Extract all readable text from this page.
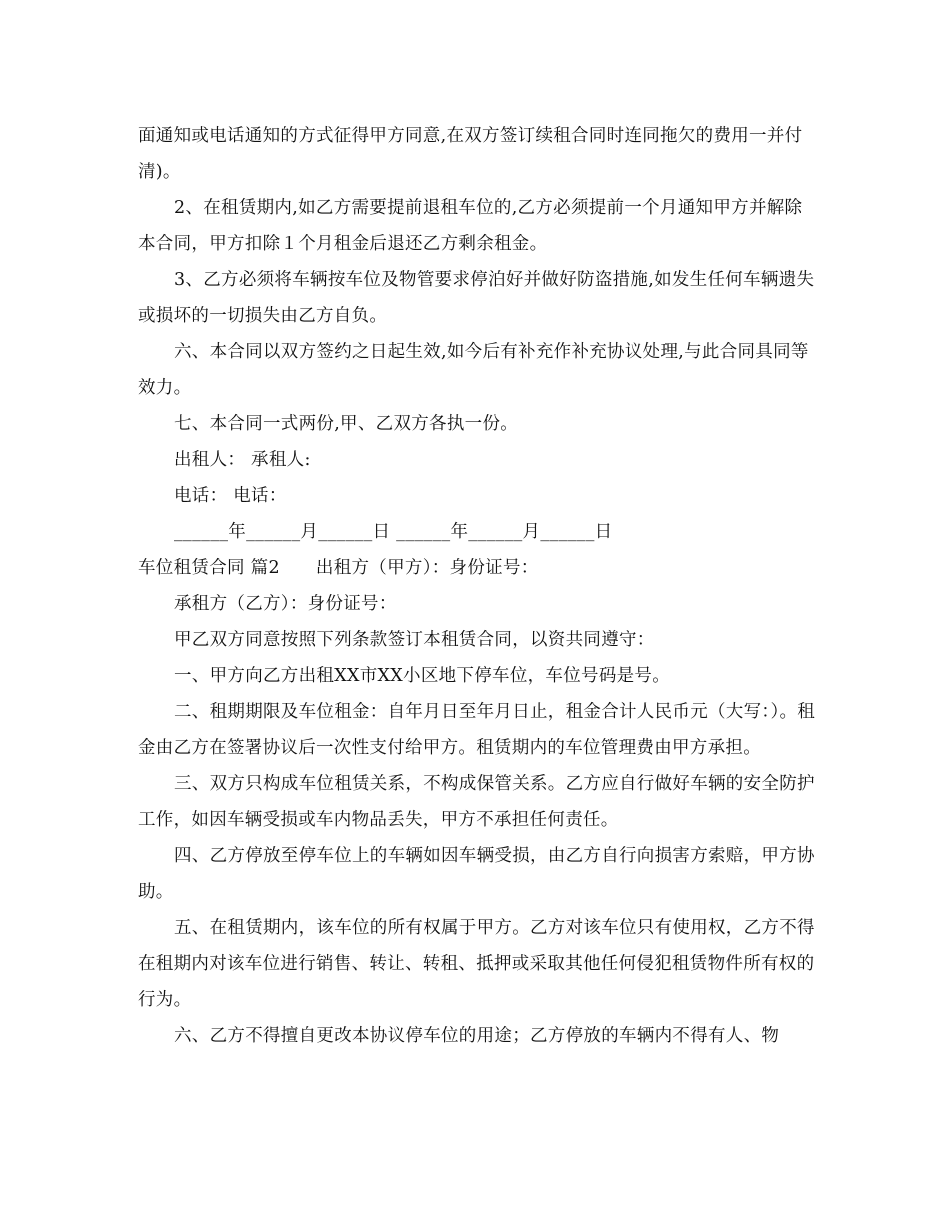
面通知或电话通知的方式征得甲方同意,在双方签订续租合同时连同拖欠的费用一并付清)。

2、在租赁期内,如乙方需要提前退租车位的,乙方必须提前一个月通知甲方并解除本合同，甲方扣除１个月租金后退还乙方剩余租金。

3、乙方必须将车辆按车位及物管要求停泊好并做好防盗措施,如发生任何车辆遗失或损坏的一切损失由乙方自负。

六、本合同以双方签约之日起生效,如今后有补充作补充协议处理,与此合同具同等效力。

七、本合同一式两份,甲、乙双方各执一份。

出租人： 承租人:

电话： 电话：

______年______月______日 ______年______月______日

车位租赁合同 篇2 出租方（甲方）：身份证号：

承租方（乙方）：身份证号：

甲乙双方同意按照下列条款签订本租赁合同，以资共同遵守：

一、甲方向乙方出租XX市XX小区地下停车位，车位号码是号。

二、租期期限及车位租金：自年月日至年月日止，租金合计人民币元（大写：）。租金由乙方在签署协议后一次性支付给甲方。租赁期内的车位管理费由甲方承担。

三、双方只构成车位租赁关系，不构成保管关系。乙方应自行做好车辆的安全防护工作，如因车辆受损或车内物品丢失，甲方不承担任何责任。

四、乙方停放至停车位上的车辆如因车辆受损，由乙方自行向损害方索赔，甲方协助。

五、在租赁期内，该车位的所有权属于甲方。乙方对该车位只有使用权，乙方不得在租期内对该车位进行销售、转让、转租、抵押或采取其他任何侵犯租赁物件所有权的行为。

六、乙方不得擅自更改本协议停车位的用途；乙方停放的车辆内不得有人、物
